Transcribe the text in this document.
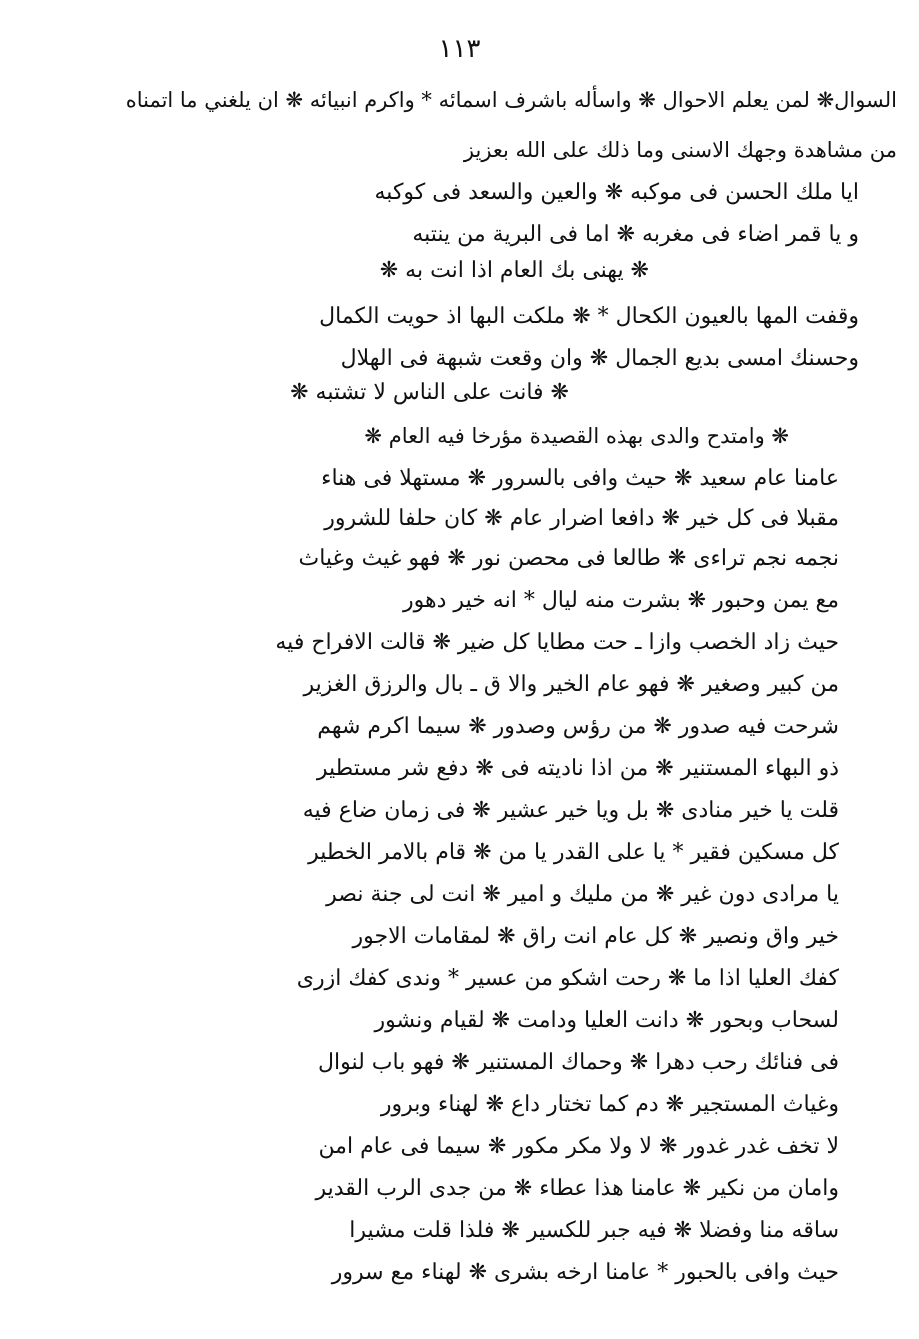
١١٣
السوال❋ لمن يعلم الاحوال ❋ واسأله باشرف اسمائه * واكرم انبيائه ❋ ان يلغني ما اتمناه
من مشاهدة وجهك الاسنى وما ذلك على الله بعزيز
ايا ملك الحسن فى موكبه ❋ والعين والسعد فى كوكبه
و يا قمر اضاء فى مغربه ❋ اما فى البرية من ينتبه
❋ يهنى بك العام اذا انت به ❋
وقفت المها بالعيون الكحال * ❋ ملكت البها اذ حويت الكمال
وحسنك امسى بديع الجمال ❋ وان وقعت شبهة فى الهلال
❋ فانت على الناس لا تشتبه ❋
❋ وامتدح والدى بهذه القصيدة مؤرخا فيه العام ❋
عامنا عام سعيد ❋ حيث وافى بالسرور ❋ مستهلا فى هناء
مقبلا فى كل خير ❋ دافعا اضرار عام ❋ كان حلفا للشرور
نجمه نجم تراءى ❋ طالعا فى محصن نور ❋ فهو غيث وغياث
مع يمن وحبور ❋ بشرت منه ليال * انه خير دهور
حيث زاد الخصب وازا ـ حت مطايا كل ضير ❋ قالت الافراح فيه
من كبير وصغير ❋ فهو عام الخير والا ق ـ بال والرزق الغزير
شرحت فيه صدور ❋ من رؤس وصدور ❋ سيما اكرم شهم
ذو البهاء المستنير ❋ من اذا ناديته فى ❋ دفع شر مستطير
قلت يا خير منادى ❋ بل ويا خير عشير ❋ فى زمان ضاع فيه
كل مسكين فقير * يا على القدر يا من ❋ قام بالامر الخطير
يا مرادى دون غير ❋ من مليك و امير ❋ انت لى جنة نصر
خير واق ونصير ❋ كل عام انت راق ❋ لمقامات الاجور
كفك العليا اذا ما ❋ رحت اشكو من عسير * وندى كفك ازرى
لسحاب وبحور ❋ دانت العليا ودامت ❋ لقيام ونشور
فى فنائك رحب دهرا ❋ وحماك المستنير ❋ فهو باب لنوال
وغياث المستجير ❋ دم كما تختار داع ❋ لهناء وبرور
لا تخف غدر غدور ❋ لا ولا مكر مكور ❋ سيما فى عام امن
وامان من نكير ❋ عامنا هذا عطاء ❋ من جدى الرب القدير
ساقه منا وفضلا ❋ فيه جبر للكسير ❋ فلذا قلت مشيرا
حيث وافى بالحبور * عامنا ارخه بشرى ❋ لهناء مع سرور
